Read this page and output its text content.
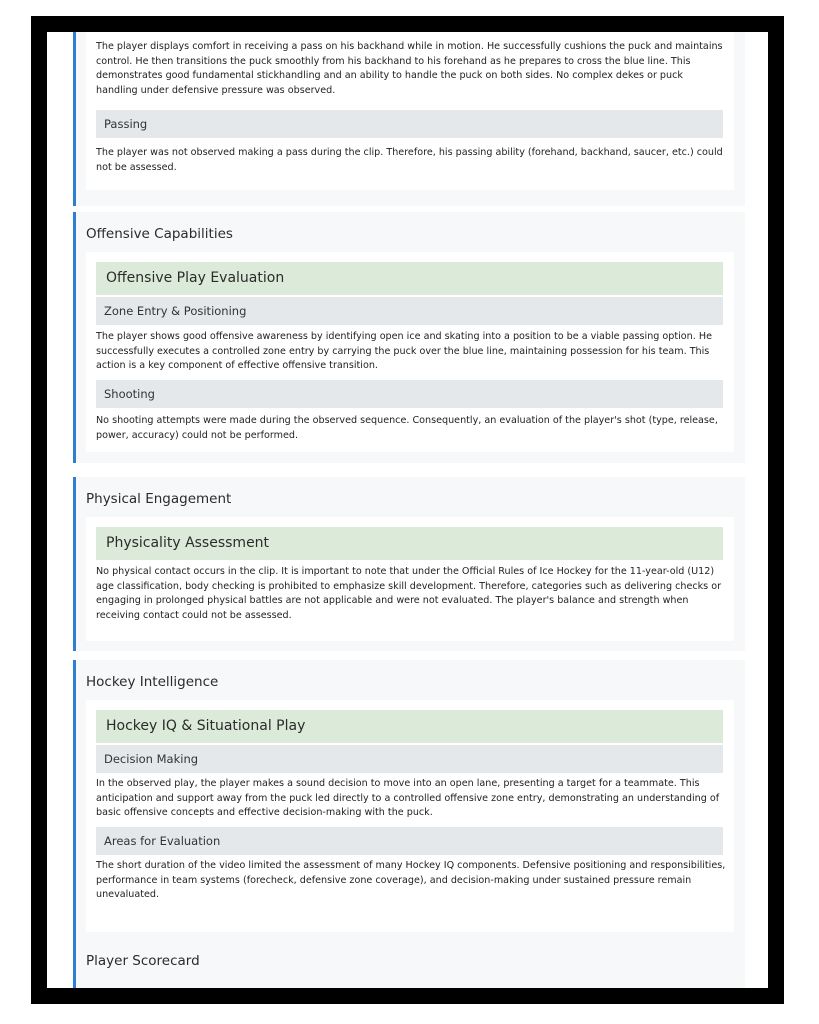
The player displays comfort in receiving a pass on his backhand while in motion. He successfully cushions the puck and maintains control. He then transitions the puck smoothly from his backhand to his forehand as he prepares to cross the blue line. This demonstrates good fundamental stickhandling and an ability to handle the puck on both sides. No complex dekes or puck handling under defensive pressure was observed.

Passing

The player was not observed making a pass during the clip. Therefore, his passing ability (forehand, backhand, saucer, etc.) could not be assessed.

Offensive Capabilities
Offensive Play Evaluation
Zone Entry & Positioning

The player shows good offensive awareness by identifying open ice and skating into a position to be a viable passing option. He successfully executes a controlled zone entry by carrying the puck over the blue line, maintaining possession for his team. This action is a key component of effective offensive transition.

Shooting

No shooting attempts were made during the observed sequence. Consequently, an evaluation of the player's shot (type, release, power, accuracy) could not be performed.

Physical Engagement
Physicality Assessment

No physical contact occurs in the clip. It is important to note that under the Official Rules of Ice Hockey for the 11-year-old (U12) age classification, body checking is prohibited to emphasize skill development. Therefore, categories such as delivering checks or engaging in prolonged physical battles are not applicable and were not evaluated. The player's balance and strength when receiving contact could not be assessed.

Hockey Intelligence
Hockey IQ & Situational Play
Decision Making

In the observed play, the player makes a sound decision to move into an open lane, presenting a target for a teammate. This anticipation and support away from the puck led directly to a controlled offensive zone entry, demonstrating an understanding of basic offensive concepts and effective decision-making with the puck.

Areas for Evaluation

The short duration of the video limited the assessment of many Hockey IQ components. Defensive positioning and responsibilities, performance in team systems (forecheck, defensive zone coverage), and decision-making under sustained pressure remain unevaluated.

Player Scorecard
